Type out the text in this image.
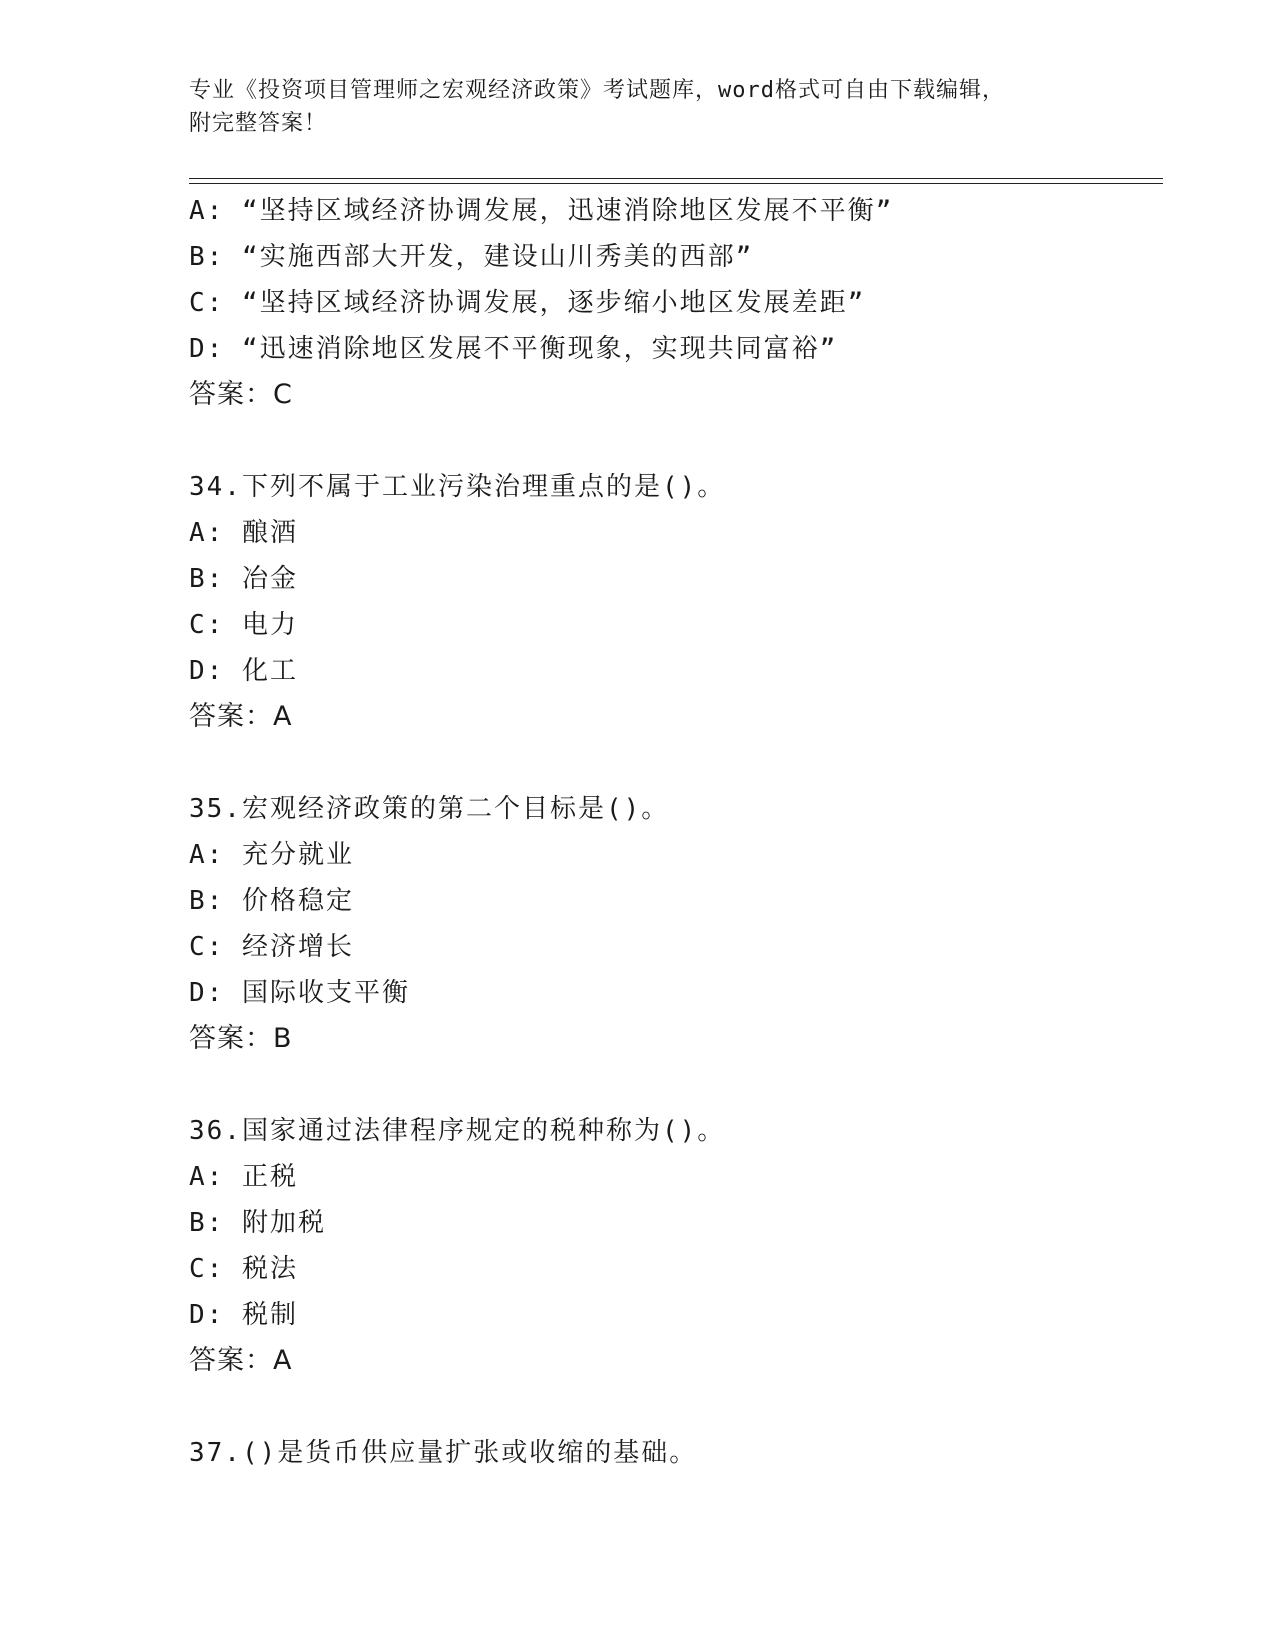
专业《投资项目管理师之宏观经济政策》考试题库，word格式可自由下载编辑，
附完整答案！
A: “坚持区域经济协调发展，迅速消除地区发展不平衡”
B: “实施西部大开发，建设山川秀美的西部”
C: “坚持区域经济协调发展，逐步缩小地区发展差距”
D: “迅速消除地区发展不平衡现象，实现共同富裕”
答案：C
34.下列不属于工业污染治理重点的是()。
A: 酿酒
B: 冶金
C: 电力
D: 化工
答案：A
35.宏观经济政策的第二个目标是()。
A: 充分就业
B: 价格稳定
C: 经济增长
D: 国际收支平衡
答案：B
36.国家通过法律程序规定的税种称为()。
A: 正税
B: 附加税
C: 税法
D: 税制
答案：A
37.()是货币供应量扩张或收缩的基础。
